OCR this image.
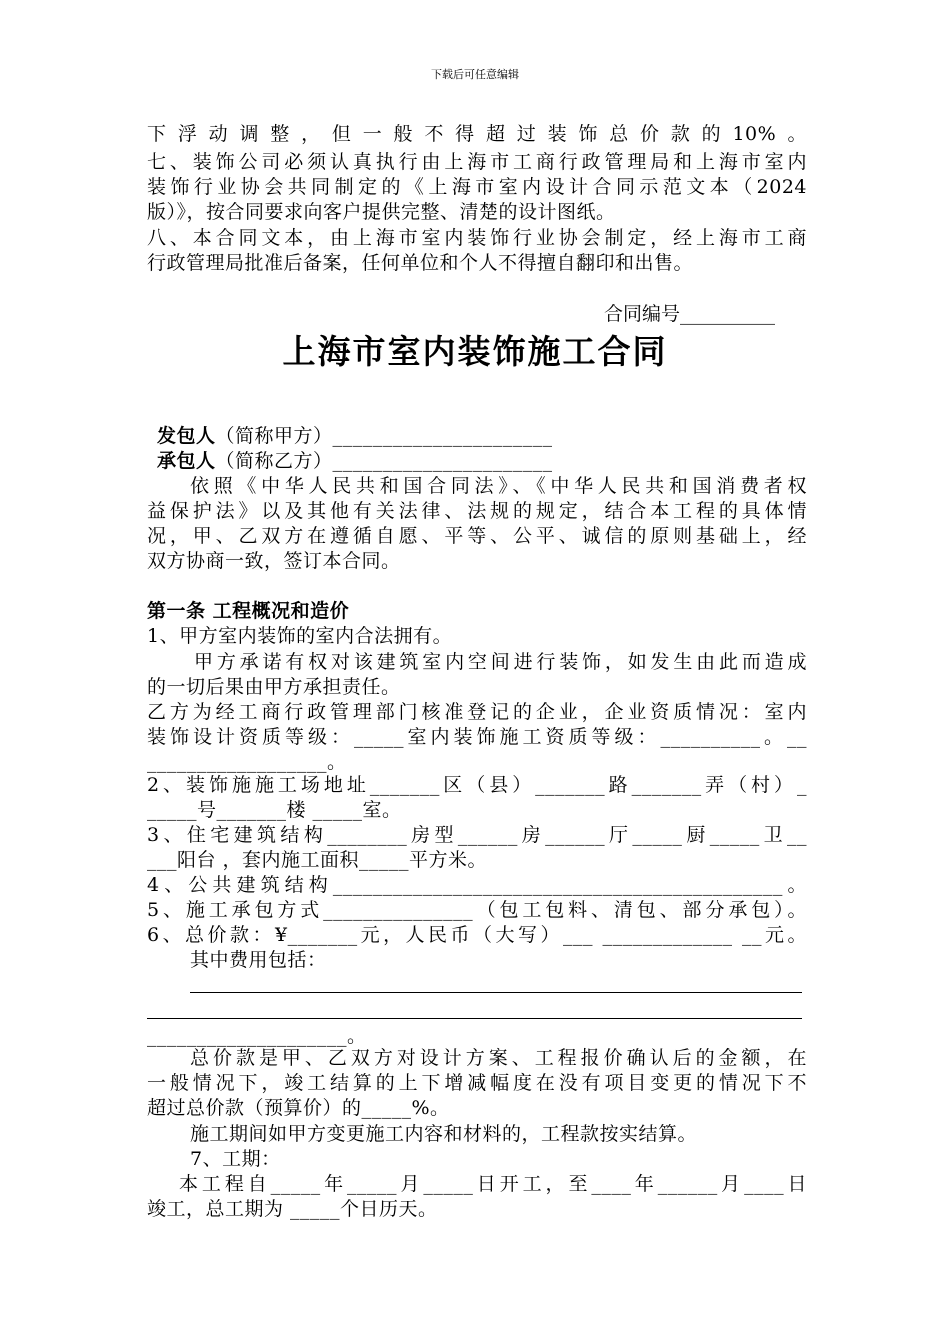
下载后可任意编辑
下浮动调整，但一般不得超过装饰总价款的10%。
七、装饰公司必须认真执行由上海市工商行政管理局和上海市室内
装饰行业协会共同制定的《上海市室内设计合同示范文本（2024
版）》，按合同要求向客户提供完整、清楚的设计图纸。
八、本合同文本，由上海市室内装饰行业协会制定，经上海市工商
行政管理局批准后备案，任何单位和个人不得擅自翻印和出售。
合同编号__________
上海市室内装饰施工合同
发包人（简称甲方）______________________
承包人（简称乙方）______________________
依照《中华人民共和国合同法》、《中华人民共和国消费者权
益保护法》以及其他有关法律、法规的规定，结合本工程的具体情
况，甲、乙双方在遵循自愿、平等、公平、诚信的原则基础上，经
双方协商一致，签订本合同。
第一条 工程概况和造价
1、甲方室内装饰的室内合法拥有。
甲方承诺有权对该建筑室内空间进行装饰，如发生由此而造成
的一切后果由甲方承担责任。
乙方为经工商行政管理部门核准登记的企业，企业资质情况：室内
装饰设计资质等级：_____室内装饰施工资质等级：__________。__
__________________。
2、装饰施施工场地址_______区（县）_______路_______弄（村）_
_____号_______楼 _____室。
3、住宅建筑结构________房型______房______厅_____厨_____卫__
___阳台 ，套内施工面积_____平方米。
4、公共建筑结构_____________________________________________。
5、施工承包方式_______________（包工包料、清包、部分承包）。
6、总价款：¥_______元，人民币（大写）___ _____________ __元。
其中费用包括：
____________________。
总价款是甲、乙双方对设计方案、工程报价确认后的金额，在
一般情况下，竣工结算的上下增减幅度在没有项目变更的情况下不
超过总价款（预算价）的_____%。
施工期间如甲方变更施工内容和材料的，工程款按实结算。
7、工期：
本工程自_____年_____月_____日开工，至____年______月____日
竣工，总工期为 _____个日历天。
